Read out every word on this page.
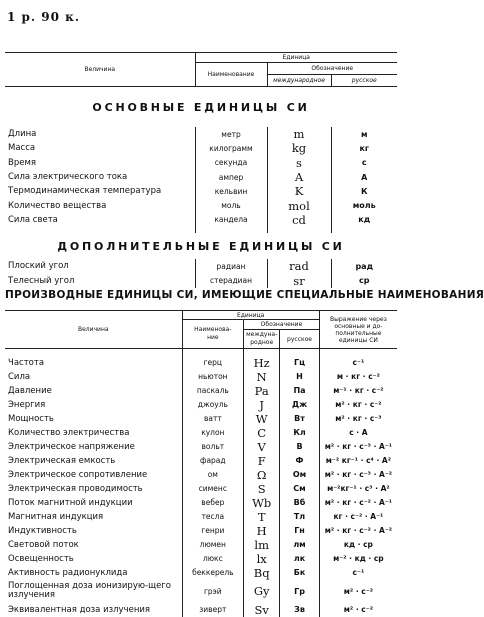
1 р. 90 к.
Величина	Единица		
	Наименование	Обозначение	
		международное	русское
ОСНОВНЫЕ ЕДИНИЦЫ СИ			
Длина	метр	m	м
Масса	килограмм	kg	кг
Время	секунда	s	с
Сила электрического тока	ампер	A	А
Термодинамическая температура	кельвин	K	К
Количество вещества	моль	mol	моль
Сила света	кандела	cd	кд

ДОПОЛНИТЕЛЬНЫЕ ЕДИНИЦЫ СИ			
Плоский угол	радиан	rad	рад
Телесный угол	стерадиан	sr	ср
ПРОИЗВОДНЫЕ ЕДИНИЦЫ СИ, ИМЕЮЩИЕ СПЕЦИАЛЬНЫЕ НАИМЕНОВАНИЯ
Величина	Единица			Выражение через основные и до-полнительные единицы СИ
	Наименова-ние	Обозначение		
		междуна-родное	русское	

Частота	герц	Hz	Гц	с⁻¹
Сила	ньютон	N	Н	м · кг · с⁻²
Давление	паскаль	Pa	Па	м⁻¹ · кг · с⁻²
Энергия	джоуль	J	Дж	м² · кг · с⁻²
Мощность	ватт	W	Вт	м² · кг · с⁻³
Количество электричества	кулон	C	Кл	с · А
Электрическое напряжение	вольт	V	В	м² · кг · с⁻³ · А⁻¹
Электрическая емкость	фарад	F	Ф	м⁻² кг⁻¹ · с⁴ · А²
Электрическое сопротивление	ом	Ω	Ом	м² · кг · с⁻³ · А⁻²
Электрическая проводимость	сименс	S	См	м⁻²кг⁻¹ · с³ · А²
Поток магнитной индукции	вебер	Wb	Вб	м² · кг · с⁻² · А⁻¹
Магнитная индукция	тесла	T	Тл	кг · с⁻² · А⁻¹
Индуктивность	генри	H	Гн	м² · кг · с⁻² · А⁻²
Световой поток	люмен	lm	лм	кд · ср
Освещенность	люкс	lx	лк	м⁻² · кд · ср
Активность радионуклида	беккерель	Bq	Бк	с⁻¹
Поглощенная доза ионизирую-щего излучения	грэй	Gy	Гр	м² · с⁻²
Эквивалентная доза излучения	зиверт	Sv	Зв	м² · с⁻²
